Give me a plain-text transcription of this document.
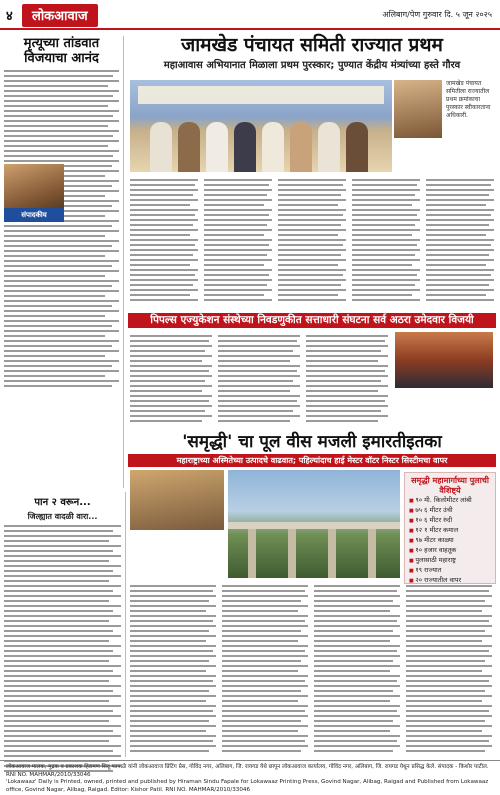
४	लोकआवाज	अलिबाग/पेण गुरुवार दि. ५ जून २०२५
मृत्यूच्या तांडवात
विजयाचा आनंद
संपादकीय
जामखेड पंचायत समिती राज्यात प्रथम
महाआवास अभियानात मिळाला प्रथम पुरस्कार; पुण्यात केंद्रीय मंत्र्यांच्या हस्ते गौरव
जामखेड पंचायत समितीला राज्यातील प्रथम क्रमांकाचा पुरस्कार स्वीकारताना अधिकारी.
पिपल्स एज्युकेशन संस्थेच्या निवडणुकीत सत्ताधारी संघटना सर्व अठरा उमेदवार विजयी
'समृद्धी' चा पूल वीस मजली इमारतीइतका
महाराष्ट्राच्या अस्मितेच्या उत्पादचे वाढवात; पहिल्यांदाच हाई मेस्टर वॉटर निस्टर सिस्टीमचा वापर
समृद्धी महामार्गाच्या पुलाची वैशिष्ट्ये
■ ९० मी. किलोमीटर लांबी
■ ७५ ६ मीटर उंची
■ १० ६ मीटर रुंदी
■ १२ १ मीटर कमाल
■ ९७ मीटर काळ्या
■ १० हजार वाहतूक
■ पुलासाठी महाराष्ट्र
■ १९ राज्यात
■ २० राज्यातील वापर
पान २ वरून...
जिल्ह्यात वादळी वारा...
लोकआवाज मालक, मुद्रक व प्रकाशक हिरामण सिदू फापाळे यांनी लोकआवाज प्रिंटिंग प्रेस, गोविंद नगर, अलिबाग, जि. रायगड येथे छापून लोकआवाज कार्यालय, गोविंद नगर, अलिबाग, जि. रायगड येथून प्रसिद्ध केले. संपादक - किशोर पाटील. RNI NO. MAHMAR/2010/33046
'Lokawaaz' Daily is Printed, owned, printed and published by Hiraman Sindu Fapale for Lokawaaz Printing Press, Govind Nagar, Alibag, Raigad and Published from Lokawaaz office, Govind Nagar, Alibag, Raigad. Editor: Kishor Patil. RNI NO. MAHMAR/2010/33046
